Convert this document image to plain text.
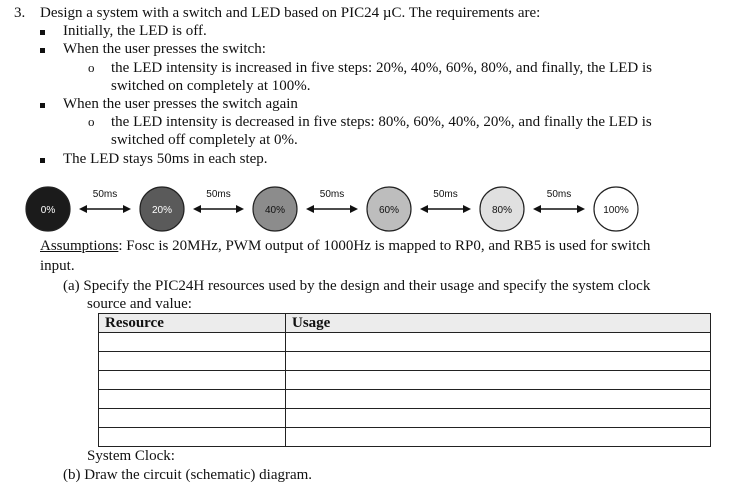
3. Design a system with a switch and LED based on PIC24 µC. The requirements are:
Initially, the LED is off.
When the user presses the switch:
o the LED intensity is increased in five steps: 20%, 40%, 60%, 80%, and finally, the LED is
switched on completely at 100%.
When the user presses the switch again
o the LED intensity is decreased in five steps: 80%, 60%, 40%, 20%, and finally the LED is
switched off completely at 0%.
The LED stays 50ms in each step.
0%
50ms
20%
50ms
40%
50ms
60%
50ms
80%
50ms
100%
Assumptions: Fosc is 20MHz, PWM output of 1000Hz is mapped to RP0, and RB5 is used for switch
input.
(a) Specify the PIC24H resources used by the design and their usage and specify the system clock
source and value:
Resource	Usage

System Clock:
(b) Draw the circuit (schematic) diagram.
